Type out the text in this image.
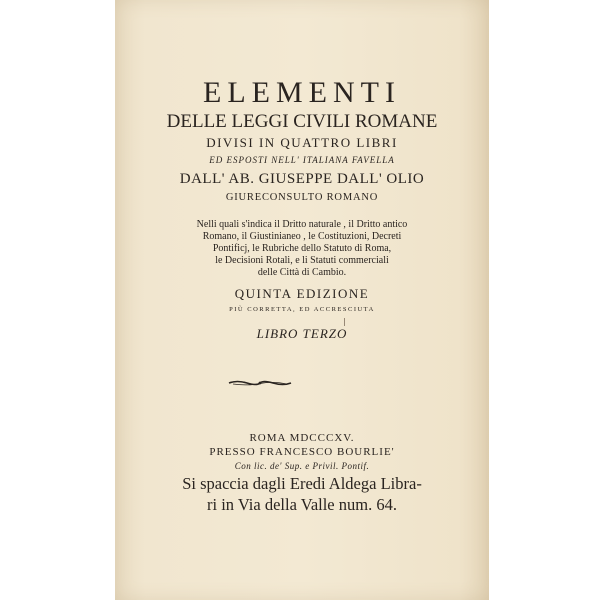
ELEMENTI
DELLE LEGGI CIVILI ROMANE
DIVISI IN QUATTRO LIBRI
ED ESPOSTI NELL' ITALIANA FAVELLA
DALL' AB. GIUSEPPE DALL' OLIO
GIURECONSULTO ROMANO
Nelli quali s'indica il Dritto naturale , il Dritto antico
Romano, il Giustinianeo , le Costituzioni, Decreti
Pontificj, le Rubriche dello Statuto di Roma,
le Decisioni Rotali, e li Statuti commerciali
delle Città di Cambio.
QUINTA EDIZIONE
PIÙ CORRETTA, ED ACCRESCIUTA
LIBRO TERZO
ROMA MDCCCXV.
PRESSO FRANCESCO BOURLIE'
Con lic. de' Sup. e Privil. Pontif.
Si spaccia dagli Eredi Aldega Libra-
ri in Via della Valle num. 64.
